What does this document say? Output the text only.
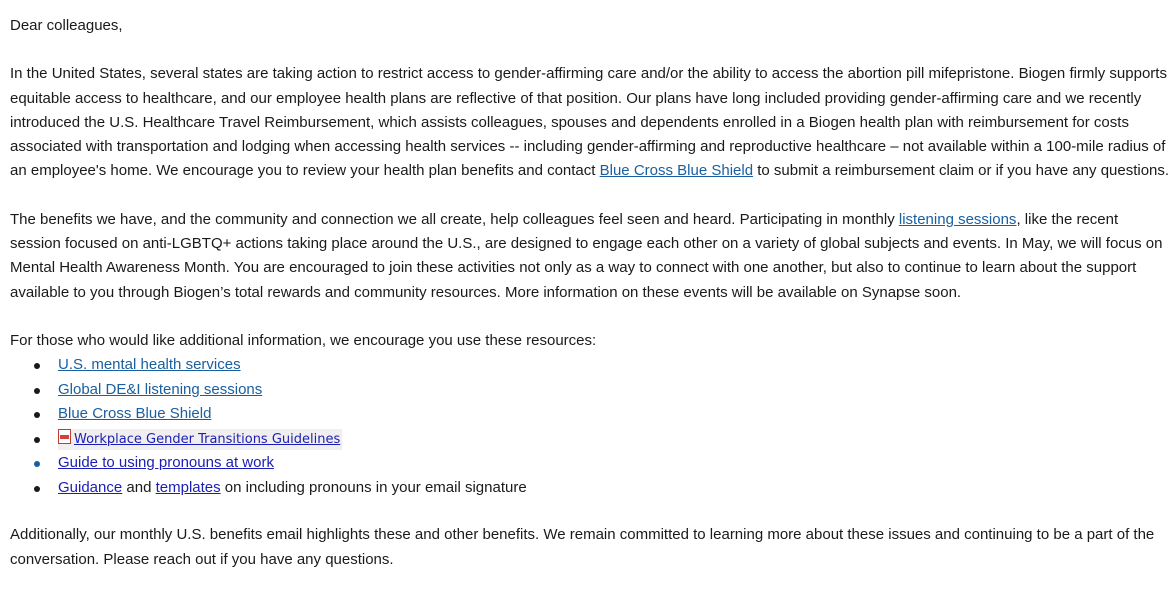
Dear colleagues,

In the United States, several states are taking action to restrict access to gender-affirming care and/or the ability to access the abortion pill mifepristone. Biogen firmly supports equitable access to healthcare, and our employee health plans are reflective of that position. Our plans have long included providing gender-affirming care and we recently introduced the U.S. Healthcare Travel Reimbursement, which assists colleagues, spouses and dependents enrolled in a Biogen health plan with reimbursement for costs associated with transportation and lodging when accessing health services -- including gender-affirming and reproductive healthcare – not available within a 100-mile radius of an employee's home. We encourage you to review your health plan benefits and contact Blue Cross Blue Shield to submit a reimbursement claim or if you have any questions.

The benefits we have, and the community and connection we all create, help colleagues feel seen and heard. Participating in monthly listening sessions, like the recent session focused on anti-LGBTQ+ actions taking place around the U.S., are designed to engage each other on a variety of global subjects and events. In May, we will focus on Mental Health Awareness Month. You are encouraged to join these activities not only as a way to connect with one another, but also to continue to learn about the support available to you through Biogen’s total rewards and community resources. More information on these events will be available on Synapse soon.

For those who would like additional information, we encourage you use these resources:

U.S. mental health services
Global DE&I listening sessions
Blue Cross Blue Shield
Workplace Gender Transitions Guidelines
Guide to using pronouns at work
Guidance and templates on including pronouns in your email signature

Additionally, our monthly U.S. benefits email highlights these and other benefits. We remain committed to learning more about these issues and continuing to be a part of the conversation. Please reach out if you have any questions.
